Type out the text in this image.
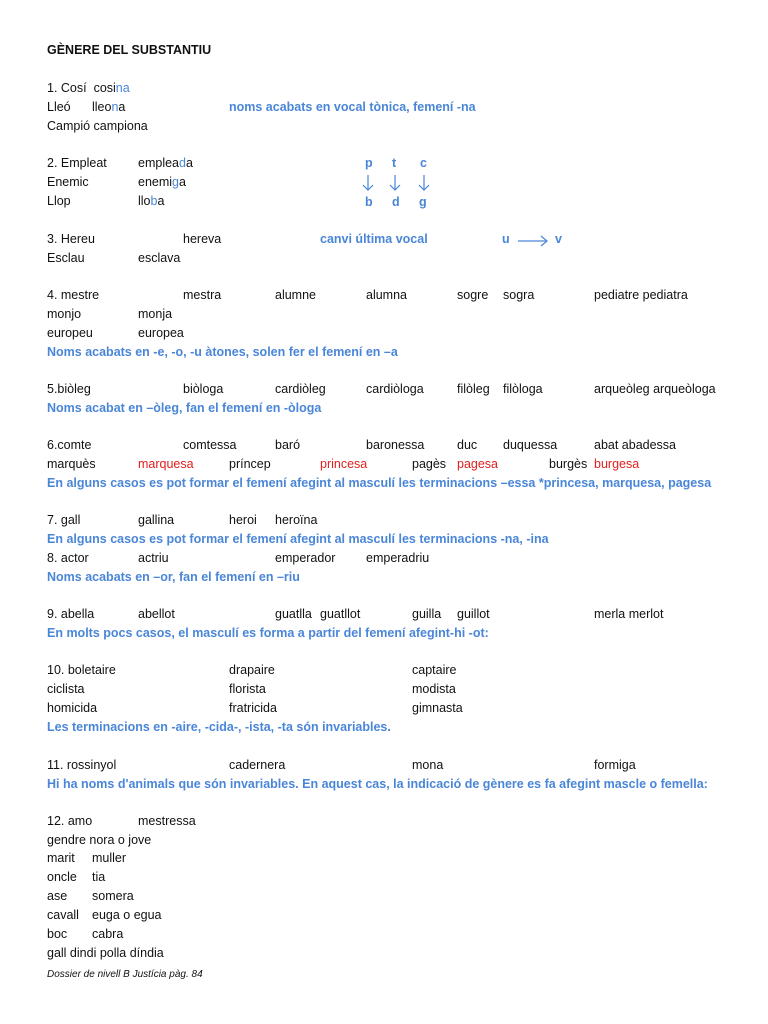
GÈNERE DEL SUBSTANTIU
1. Cosí cosina
Lleó lleona	noms acabats en vocal tònica, femení -na
Campió campiona
2. Empleat empleada
Enemic	enemiga
Llop	lloba
p t c
b d g
3. Hereu	hereva	canvi última vocal	u	v
Esclau	esclava
4. mestre	mestra	alumne	alumna	sogre sogra	pediatre pediatra
monjo	monja
europeu	europea
Noms acabats en -e, -o, -u àtones, solen fer el femení en –a
5.biòleg	biòloga	cardiòleg	cardiòloga	filòleg filòloga	arqueòleg arqueòloga
Noms acabat en –òleg, fan el femení en -òloga
6.comte	comtessa	baró	baronessa	duc duquessa	abat abadessa
marquès	marquesa	príncep	princesa	pagès pagesa	burgès burgesa
En alguns casos es pot formar el femení afegint al masculí les terminacions –essa *princesa, marquesa, pagesa
7. gall	gallina	heroi heroïna
En alguns casos es pot formar el femení afegint al masculí les terminacions -na, -ina
8. actor	actriu	emperador emperadriu
Noms acabats en –or, fan el femení en –riu
9. abella	abellot	guatlla guatllot	guilla guillot	merla merlot
En molts pocs casos, el masculí es forma a partir del femení afegint-hi -ot:
10. boletaire	drapaire	captaire
ciclista	florista	modista
homicida	fratricida	gimnasta
Les terminacions en -aire, -cida-, -ista, -ta són invariables.
11. rossinyol	cadernera	mona	formiga
Hi ha noms d'animals que són invariables. En aquest cas, la indicació de gènere es fa afegint mascle o femella:
12. amo	mestressa
gendre nora o jove
marit muller
oncle tia
ase somera
cavall euga o egua
boc cabra
gall dindi polla díndia
Dossier de nivell B Justícia pàg. 84
